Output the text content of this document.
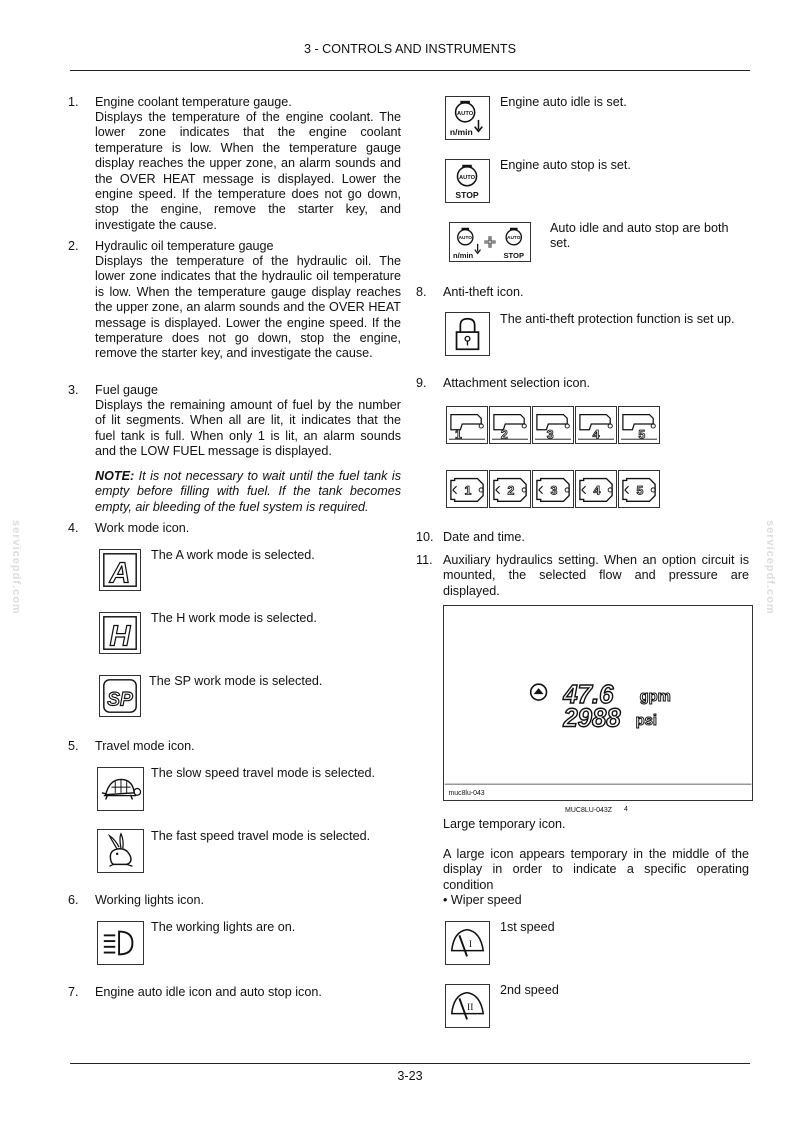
3 - CONTROLS AND INSTRUMENTS
servicepdf.com	servicepdf.com
1.	Engine coolant temperature gauge.
Displays the temperature of the engine coolant. The lower zone indicates that the engine coolant temperature is low. When the temperature gauge display reaches the upper zone, an alarm sounds and the OVER HEAT message is displayed. Lower the engine speed. If the temperature does not go down, stop the engine, remove the starter key, and investigate the cause.
2.	Hydraulic oil temperature gauge
Displays the temperature of the hydraulic oil. The lower zone indicates that the hydraulic oil temperature is low. When the temperature gauge display reaches the upper zone, an alarm sounds and the OVER HEAT message is displayed. Lower the engine speed. If the temperature does not go down, stop the engine, remove the starter key, and investigate the cause.
3.	Fuel gauge
Displays the remaining amount of fuel by the number of lit segments. When all are lit, it indicates that the fuel tank is full. When only 1 is lit, an alarm sounds and the LOW FUEL message is displayed.
NOTE: It is not necessary to wait until the fuel tank is empty before filling with fuel. If the tank becomes empty, air bleeding of the fuel system is required.
4.	Work mode icon.
A
The A work mode is selected.
H
The H work mode is selected.
SP
The SP work mode is selected.
5.	Travel mode icon.
The slow speed travel mode is selected.
The fast speed travel mode is selected.
6.	Working lights icon.
The working lights are on.
7.	Engine auto idle icon and auto stop icon.
AUTO
n/min
Engine auto idle is set.
AUTO
STOP
Engine auto stop is set.
AUTO
n/min
AUTO
STOP
Auto idle and auto stop are both set.
8.	Anti-theft icon.
The anti-theft protection function is set up.
9.	Attachment selection icon.
1	2	3	4	5
1	2	3	4	5
10. Date and time.
11. Auxiliary hydraulics setting. When an option circuit is mounted, the selected flow and pressure are displayed.
47.6 gpm
2988 psi
muc8lu-043
MUC8LU-043Z 4
Large temporary icon.
A large icon appears temporary in the middle of the display in order to indicate a specific operating condition
• Wiper speed
I
1st speed
II
2nd speed
3-23
